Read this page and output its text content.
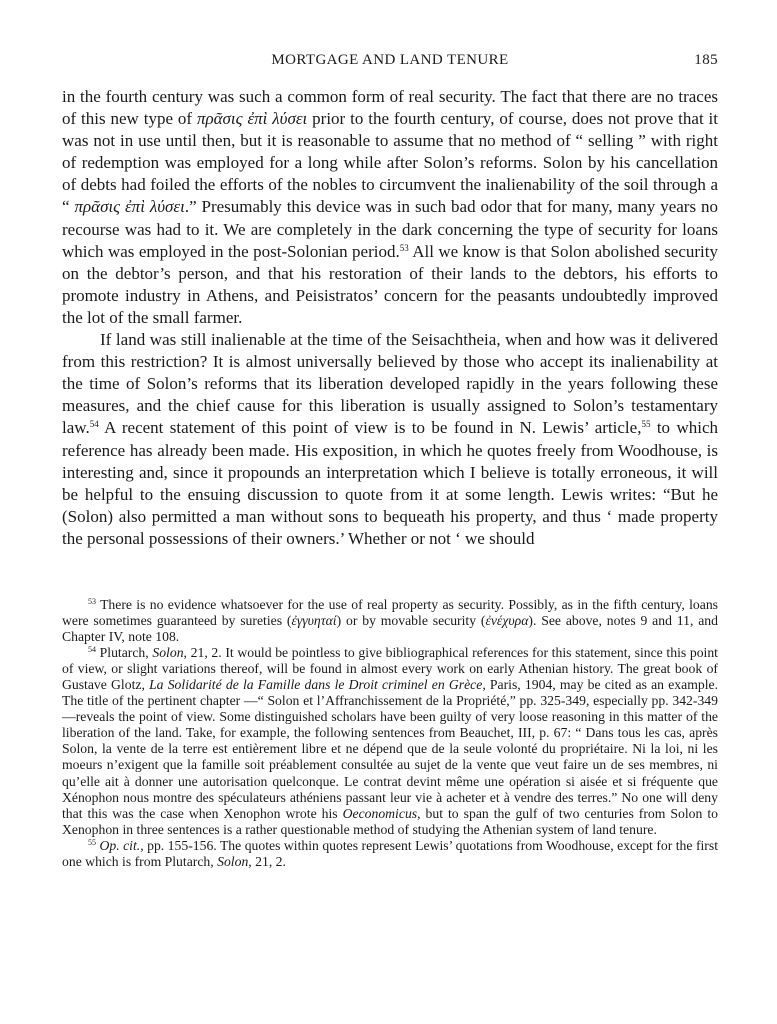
MORTGAGE AND LAND TENURE	185

in the fourth century was such a common form of real security. The fact that there are no traces of this new type of πρᾶσις ἐπὶ λύσει prior to the fourth century, of course, does not prove that it was not in use until then, but it is reasonable to assume that no method of “ selling ” with right of redemption was employed for a long while after Solon’s reforms. Solon by his cancellation of debts had foiled the efforts of the nobles to circumvent the inalienability of the soil through a “ πρᾶσις ἐπὶ λύσει.” Presumably this device was in such bad odor that for many, many years no recourse was had to it. We are completely in the dark concerning the type of security for loans which was employed in the post-Solonian period.$^{53}$ All we know is that Solon abolished security on the debtor’s person, and that his restoration of their lands to the debtors, his efforts to promote industry in Athens, and Peisistratos’ concern for the peasants undoubtedly improved the lot of the small farmer.

If land was still inalienable at the time of the Seisachtheia, when and how was it delivered from this restriction? It is almost universally believed by those who accept its inalienability at the time of Solon’s reforms that its liberation developed rapidly in the years following these measures, and the chief cause for this liberation is usually assigned to Solon’s testamentary law.$^{54}$ A recent statement of this point of view is to be found in N. Lewis’ article,$^{55}$ to which reference has already been made. His exposition, in which he quotes freely from Woodhouse, is interesting and, since it propounds an interpretation which I believe is totally erroneous, it will be helpful to the ensuing discussion to quote from it at some length. Lewis writes: “But he (Solon) also permitted a man without sons to bequeath his property, and thus ‘ made property the personal possessions of their owners.’ Whether or not ‘ we should

$^{53}$ There is no evidence whatsoever for the use of real property as security. Possibly, as in the fifth century, loans were sometimes guaranteed by sureties (ἐγγυηταί) or by movable security (ἐνέχυρα). See above, notes 9 and 11, and Chapter IV, note 108.

$^{54}$ Plutarch, Solon, 21, 2. It would be pointless to give bibliographical references for this statement, since this point of view, or slight variations thereof, will be found in almost every work on early Athenian history. The great book of Gustave Glotz, La Solidarité de la Famille dans le Droit criminel en Grèce, Paris, 1904, may be cited as an example. The title of the pertinent chapter —“ Solon et l’Affranchissement de la Propriété,” pp. 325-349, especially pp. 342-349—reveals the point of view. Some distinguished scholars have been guilty of very loose reasoning in this matter of the liberation of the land. Take, for example, the following sentences from Beauchet, III, p. 67: “ Dans tous les cas, après Solon, la vente de la terre est entièrement libre et ne dépend que de la seule volonté du propriétaire. Ni la loi, ni les moeurs n’exigent que la famille soit préablement consultée au sujet de la vente que veut faire un de ses membres, ni qu’elle ait à donner une autorisation quelconque. Le contrat devint même une opération si aisée et si fréquente que Xénophon nous montre des spéculateurs athéniens passant leur vie à acheter et à vendre des terres.” No one will deny that this was the case when Xenophon wrote his Oeconomicus, but to span the gulf of two centuries from Solon to Xenophon in three sentences is a rather questionable method of studying the Athenian system of land tenure.

$^{55}$ Op. cit., pp. 155-156. The quotes within quotes represent Lewis’ quotations from Woodhouse, except for the first one which is from Plutarch, Solon, 21, 2.
